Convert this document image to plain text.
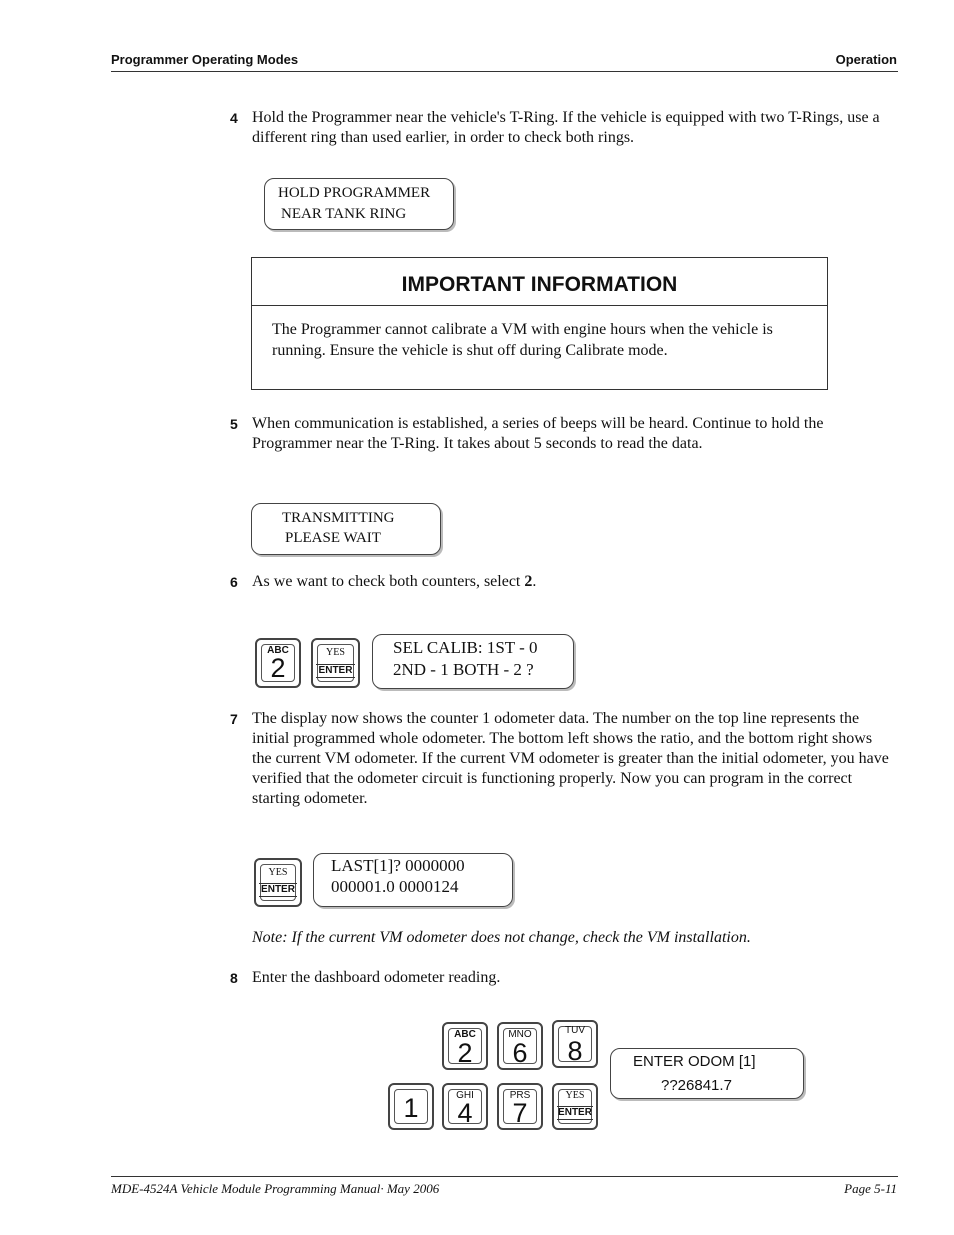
Programmer Operating Modes	Operation
4 Hold the Programmer near the vehicle's T-Ring. If the vehicle is equipped with two T-Rings, use a different ring than used earlier, in order to check both rings.
HOLD PROGRAMMER
NEAR TANK RING
IMPORTANT INFORMATION
The Programmer cannot calibrate a VM with engine hours when the vehicle is running. Ensure the vehicle is shut off during Calibrate mode.
5 When communication is established, a series of beeps will be heard. Continue to hold the Programmer near the T-Ring. It takes about 5 seconds to read the data.
TRANSMITTING
PLEASE WAIT
6 As we want to check both counters, select 2.
ABC
2
YES
ENTER
SEL CALIB: 1ST - 0
2ND - 1 BOTH - 2 ?
7 The display now shows the counter 1 odometer data. The number on the top line represents the initial programmed whole odometer. The bottom left shows the ratio, and the bottom right shows the current VM odometer. If the current VM odometer is greater than the initial odometer, you have verified that the odometer circuit is functioning properly. Now you can program in the correct starting odometer.
YES
ENTER
LAST[1]? 0000000
000001.0 0000124
Note: If the current VM odometer does not change, check the VM installation.
8 Enter the dashboard odometer reading.
ABC
2
MNO
6
TUV
8
1	GHI
4
PRS
7
YES
ENTER
ENTER ODOM [1]
??26841.7
MDE-4524A Vehicle Module Programming Manual· May 2006	Page 5-11
